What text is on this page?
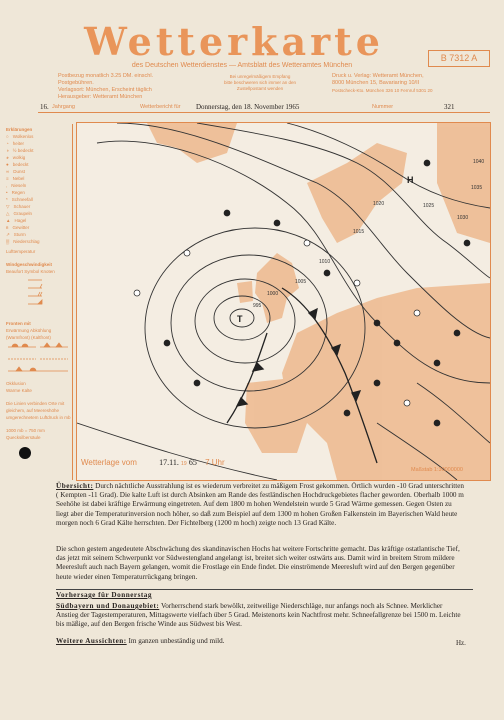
Wetterkarte
des Deutschen Wetterdienstes — Amtsblatt des Wetteramtes München
B 7312 A
Postbezug monatlich 3.25 DM. einschl. Postgebühren.
Verlagsort: München, Erscheint täglich
Herausgeber: Wetteramt München
Bei unregelmäßigem Empfang
bitte beschweren sich immer an den
Zustellpostamt wenden
Druck u. Verlag: Wetteramt München,
8000 München 15, Bavariaring 10/II
Postscheck-Kto. München 326 10 Fernruf 5301 20
16. Jahrgang	Wetterbericht für Donnerstag, den 18. November 1965	Nummer	321
Erklärungen
○ Wolkenlos
◔ heiter
◑ ½ bedeckt
◕ wolkig
● bedeckt
∞ Dunst
≡ Nebel
, Nieseln
• Regen
* Schneefall
▽ Schauer
△ Graupeln
▲ Hagel
ʀ Gewitter
↗ Sturm
▒ Niederschlag
Lufttemperatur
Windgeschwindigkeit
Beaufort Symbol Knoten
Fronten mit
Erwärmung Abkühlung
(Warmfront) (Kaltfront)
Okklusion
Warme Kalte
Die Linien verbinden Orte mit gleichem, auf Meereshöhe umgerechnetem Luftdruck in mb
1000 mb = 750 mm Quecksilbersäule
T
H
995
1000
1005
1010
1015
1020	1025
1030
1035
1040
Wetterlage vom	17.11. 19 65 7 Uhr
Maßstab 1:30000000
Übersicht: Durch nächtliche Ausstrahlung ist es wiederum verbreitet zu mäßigem Frost gekommen. Örtlich wurden -10 Grad unterschritten ( Kempten -11 Grad). Die kalte Luft ist durch Absinken am Rande des festländischen Hochdruckgebietes flacher geworden. Oberhalb 1000 m Seehöhe ist dabei kräftige Erwärmung eingetreten. Auf dem 1800 m hohen Wendelstein wurde 5 Grad Wärme gemessen. Gegen Osten zu liegt aber die Temperaturinversion noch höher, so daß zum Beispiel auf dem 1300 m hohen Großen Falkenstein im Bayerischen Wald heute morgen noch 6 Grad Kälte herrschten. Der Fichtelberg (1200 m hoch) zeigte noch 13 Grad Kälte.
Die schon gestern angedeutete Abschwächung des skandinavischen Hochs hat weitere Fortschritte gemacht. Das kräftige ostatlantische Tief, das jetzt mit seinem Schwerpunkt vor Südwestengland angelangt ist, breitet sich weiter ostwärts aus. Damit wird in breitem Strom mildere Meeresluft auch nach Bayern gelangen, womit die Frostlage ein Ende findet. Die einströmende Meeresluft wird auf den Bergen gegenüber heute wieder einen Temperaturrückgang bringen.
Vorhersage für Donnerstag
Südbayern und Donaugebiet: Vorherrschend stark bewölkt, zeitweilige Niederschläge, nur anfangs noch als Schnee. Merklicher Anstieg der Tagestemperaturen, Mittagswerte vielfach über 5 Grad. Meistenorts kein Nachtfrost mehr. Schneefallgrenze bei 1500 m. Leichte bis mäßige, auf den Bergen frische Winde aus Südwest bis West.
Weitere Aussichten: Im ganzen unbeständig und mild.	Hz.
